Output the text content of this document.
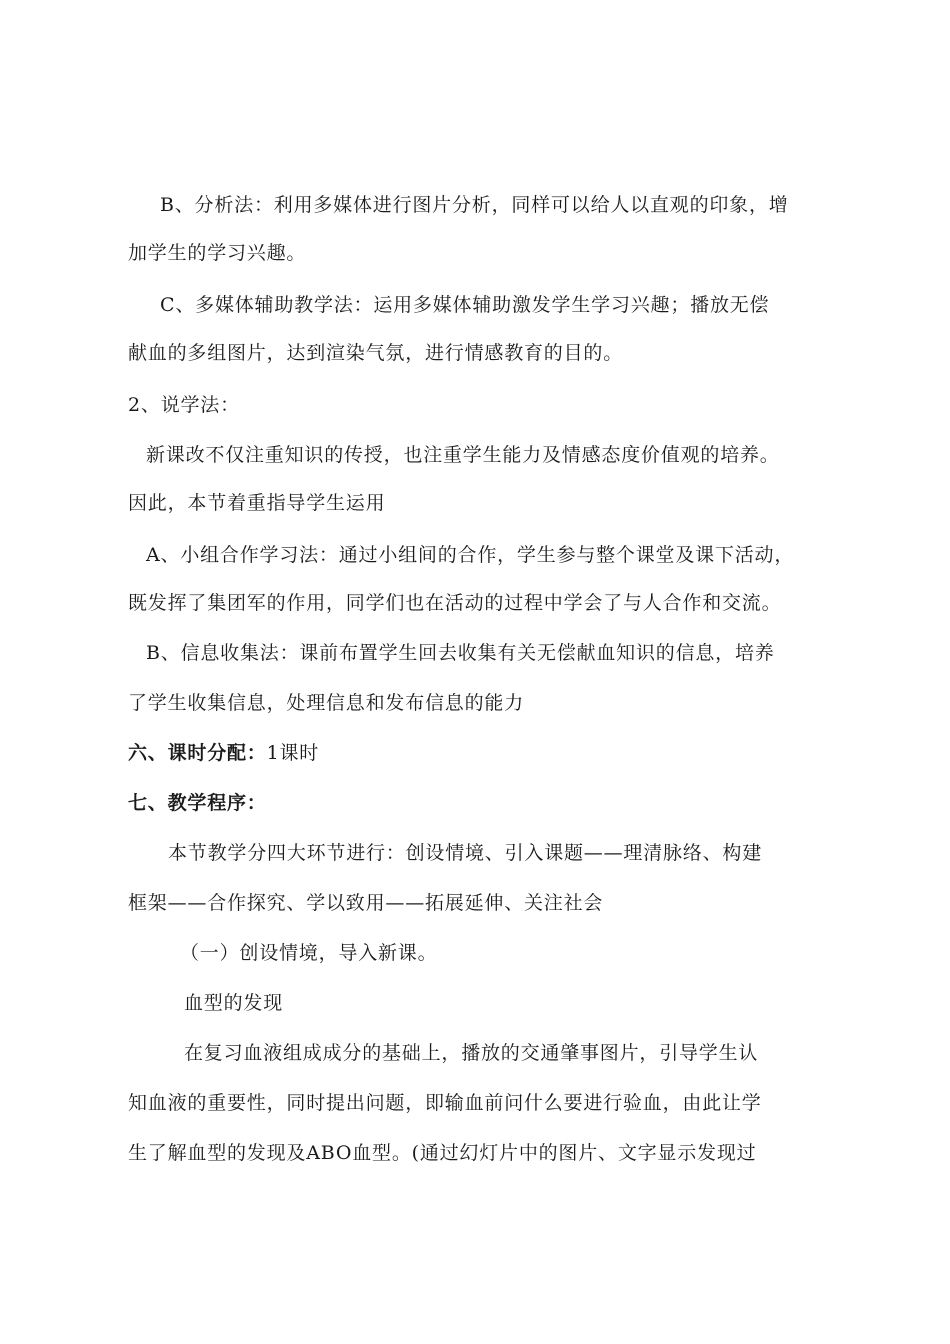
B、分析法：利用多媒体进行图片分析，同样可以给人以直观的印象，增
加学生的学习兴趣。
C、多媒体辅助教学法：运用多媒体辅助激发学生学习兴趣；播放无偿
献血的多组图片，达到渲染气氛，进行情感教育的目的。
2、说学法：
新课改不仅注重知识的传授，也注重学生能力及情感态度价值观的培养。
因此，本节着重指导学生运用
A、小组合作学习法：通过小组间的合作，学生参与整个课堂及课下活动，
既发挥了集团军的作用，同学们也在活动的过程中学会了与人合作和交流。
B、信息收集法：课前布置学生回去收集有关无偿献血知识的信息，培养
了学生收集信息，处理信息和发布信息的能力
六、课时分配：1课时
七、教学程序：
本节教学分四大环节进行：创设情境、引入课题——理清脉络、构建
框架——合作探究、学以致用——拓展延伸、关注社会
（一）创设情境，导入新课。
血型的发现
在复习血液组成成分的基础上，播放的交通肇事图片，引导学生认
知血液的重要性，同时提出问题，即输血前问什么要进行验血，由此让学
生了解血型的发现及ABO血型。(通过幻灯片中的图片、文字显示发现过
